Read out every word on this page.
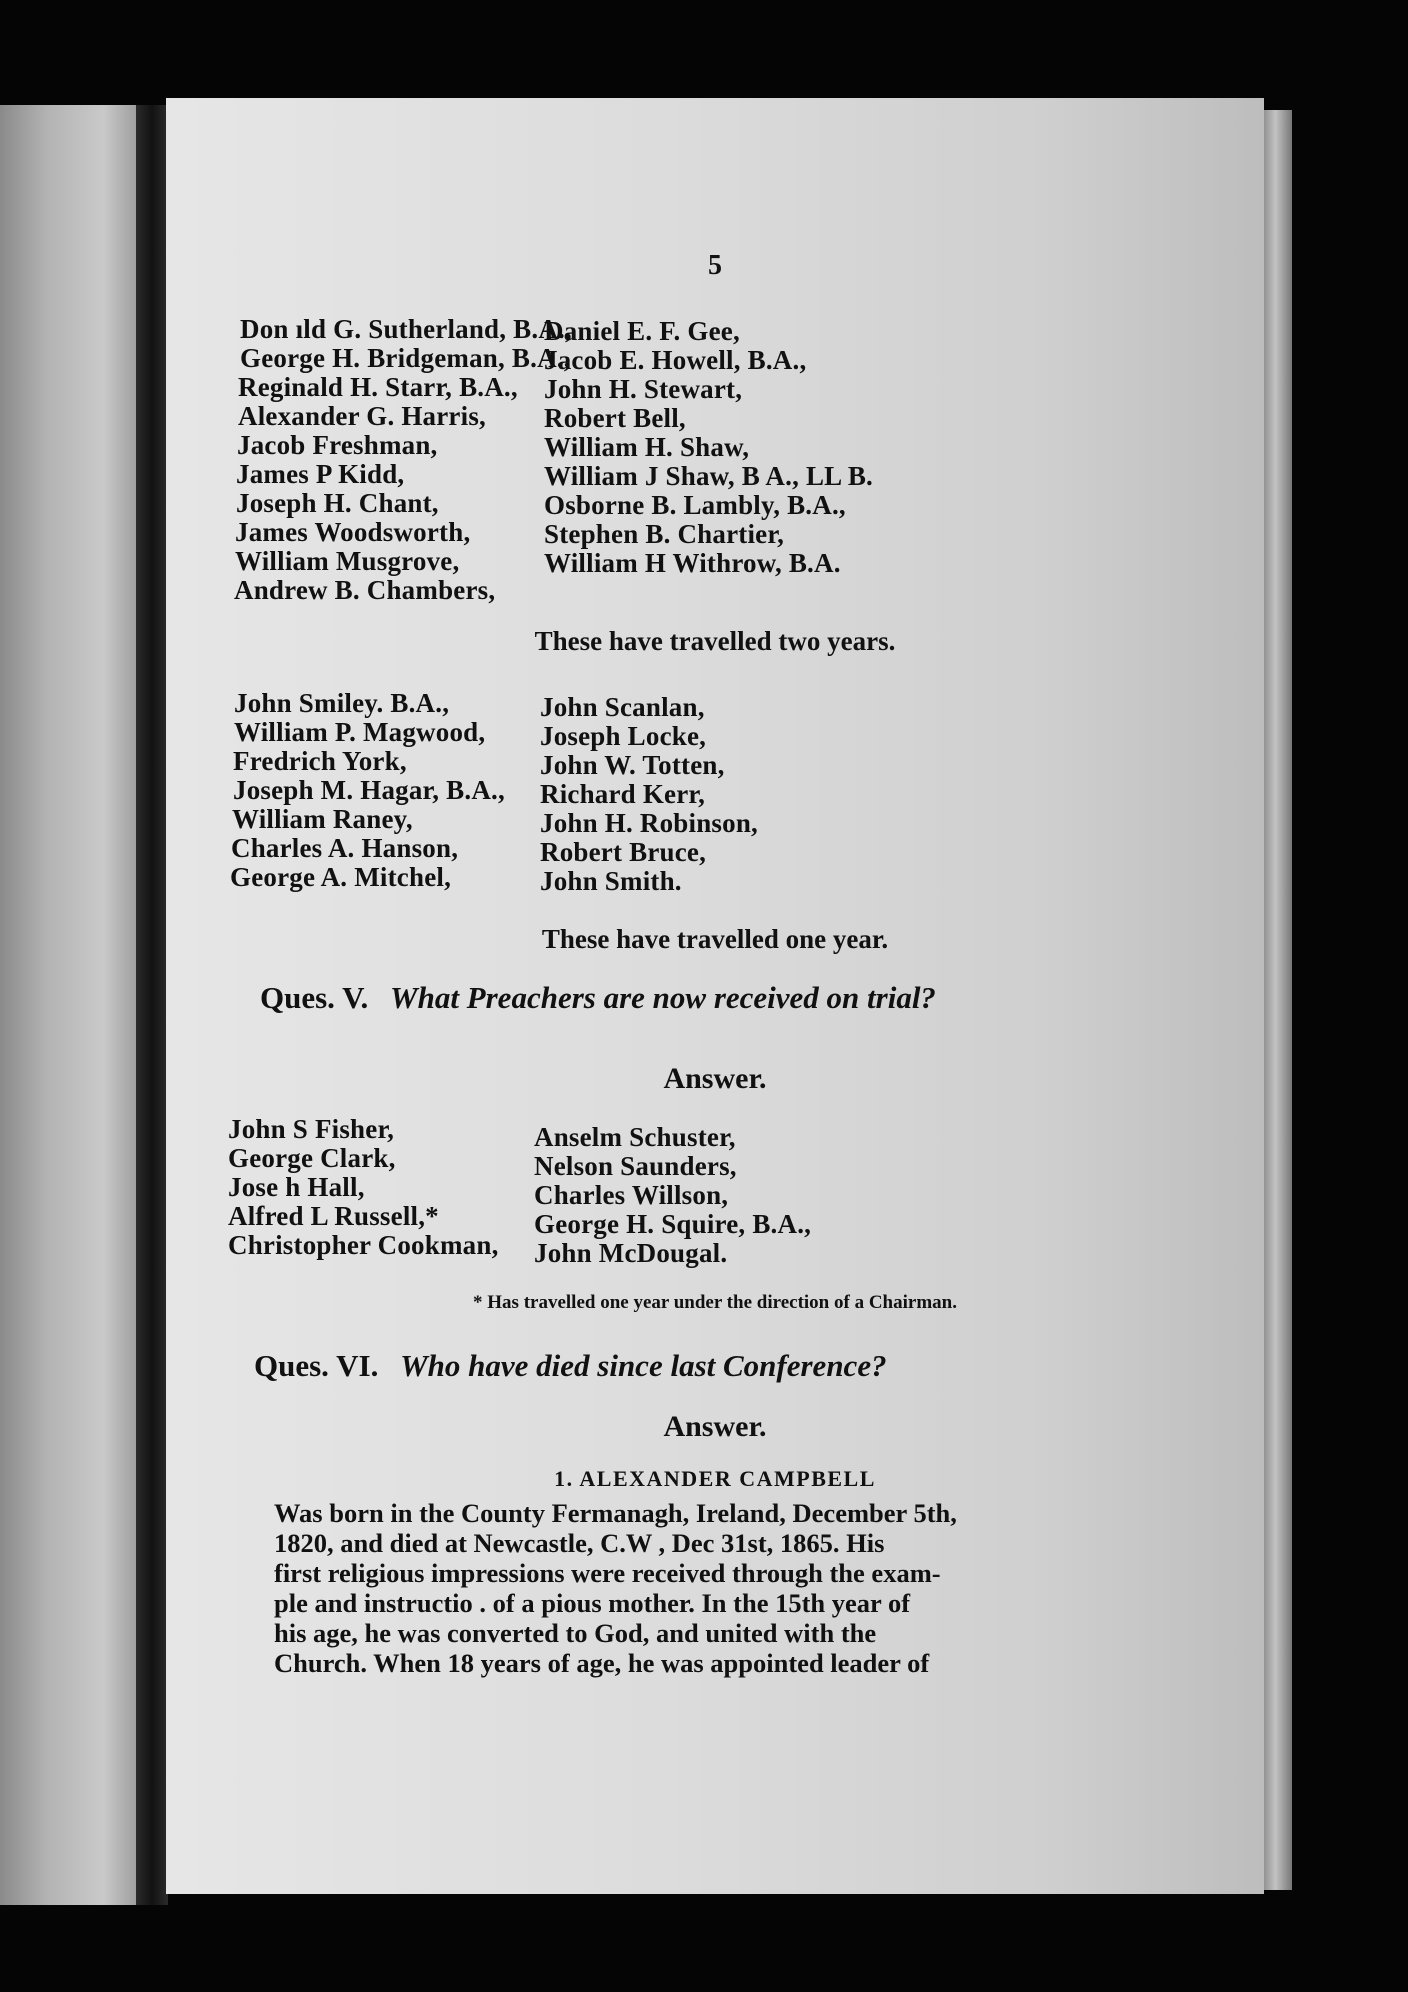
5
Don ıld G. Sutherland, B.A.,
George H. Bridgeman, B.A.,
Reginald H. Starr, B.A.,
Alexander G. Harris,
Jacob Freshman,
James P Kidd,
Joseph H. Chant,
James Woodsworth,
William Musgrove,
Andrew B. Chambers,
Daniel E. F. Gee,
Jacob E. Howell, B.A.,
John H. Stewart,
Robert Bell,
William H. Shaw,
William J Shaw, B A., LL B.
Osborne B. Lambly, B.A.,
Stephen B. Chartier,
William H Withrow, B.A.
These have travelled two years.
John Smiley. B.A.,
William P. Magwood,
Fredrich York,
Joseph M. Hagar, B.A.,
William Raney,
Charles A. Hanson,
George A. Mitchel,
John Scanlan,
Joseph Locke,
John W. Totten,
Richard Kerr,
John H. Robinson,
Robert Bruce,
John Smith.
These have travelled one year.
Ques. V. What Preachers are now received on trial?
Answer.
John S Fisher,
George Clark,
Jose h Hall,
Alfred L Russell,*
Christopher Cookman,
Anselm Schuster,
Nelson Saunders,
Charles Willson,
George H. Squire, B.A.,
John McDougal.
* Has travelled one year under the direction of a Chairman.
Ques. VI. Who have died since last Conference?
Answer.
1. ALEXANDER CAMPBELL
Was born in the County Fermanagh, Ireland, December 5th,
1820, and died at Newcastle, C.W , Dec 31st, 1865. His
first religious impressions were received through the exam-
ple and instructio . of a pious mother. In the 15th year of
his age, he was converted to God, and united with the
Church. When 18 years of age, he was appointed leader of
